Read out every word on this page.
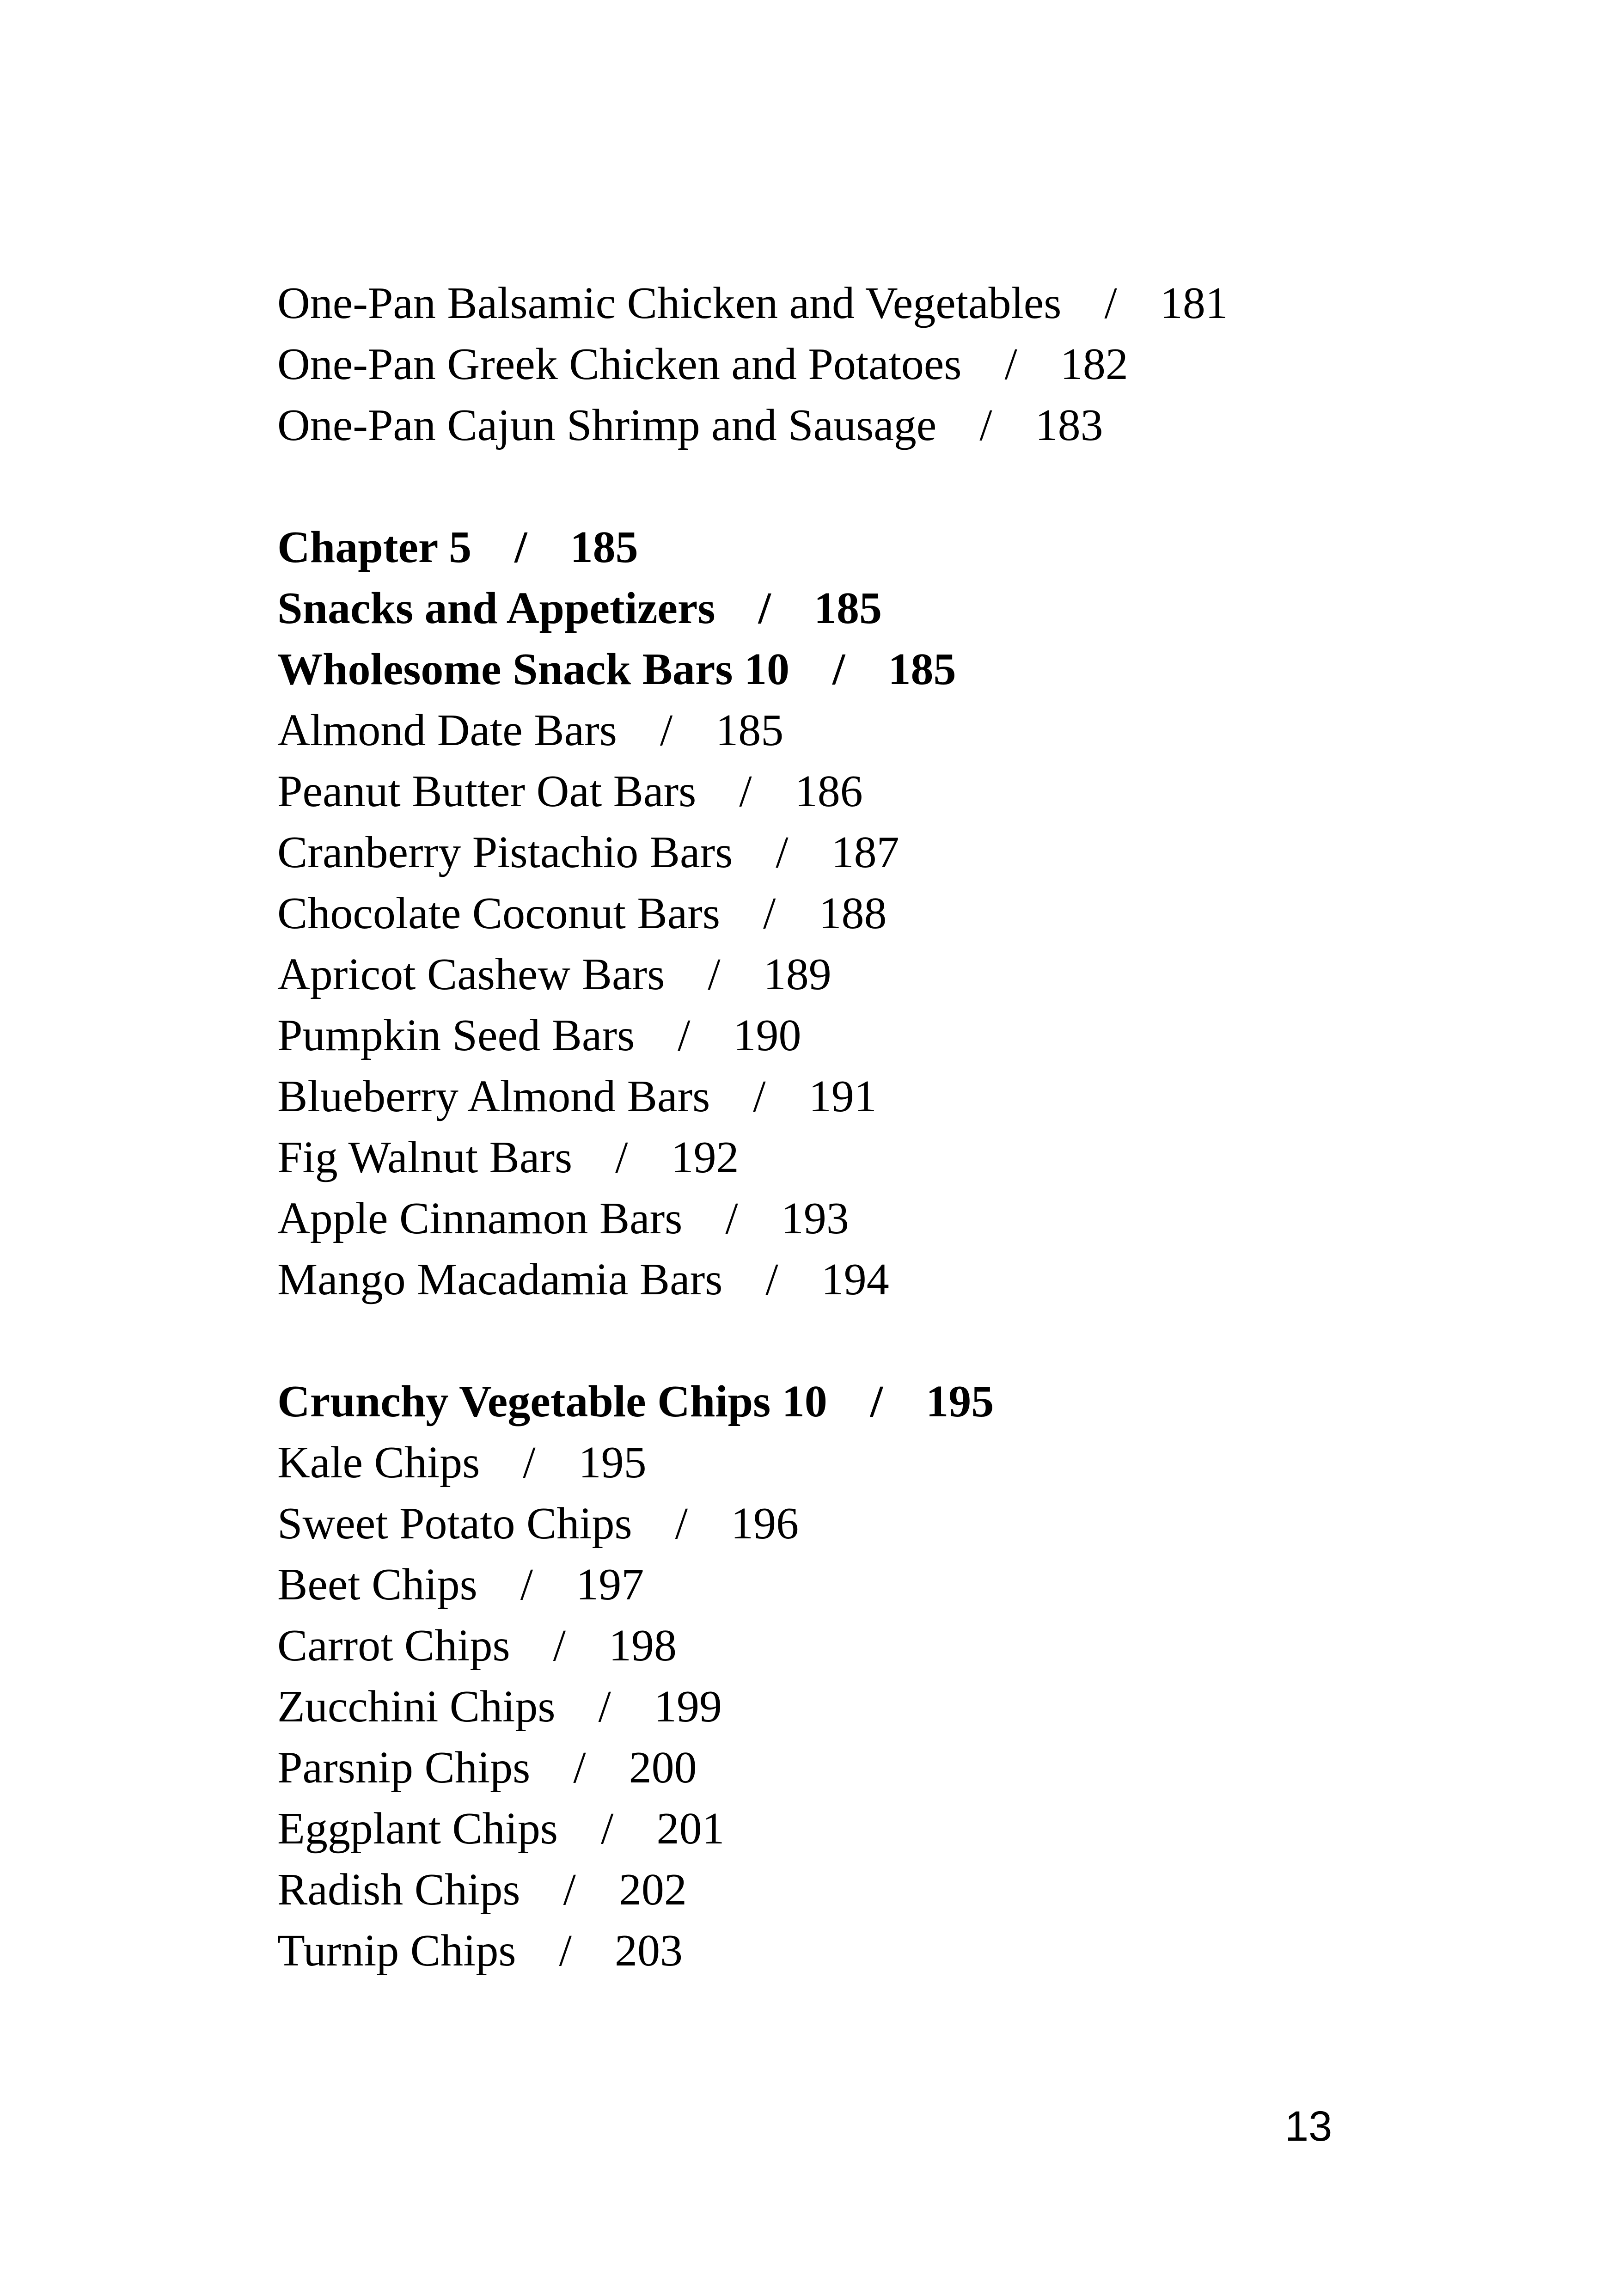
One-Pan Balsamic Chicken and Vegetables / 181
One-Pan Greek Chicken and Potatoes / 182
One-Pan Cajun Shrimp and Sausage / 183
Chapter 5 / 185
Snacks and Appetizers / 185
Wholesome Snack Bars 10 / 185
Almond Date Bars / 185
Peanut Butter Oat Bars / 186
Cranberry Pistachio Bars / 187
Chocolate Coconut Bars / 188
Apricot Cashew Bars / 189
Pumpkin Seed Bars / 190
Blueberry Almond Bars / 191
Fig Walnut Bars / 192
Apple Cinnamon Bars / 193
Mango Macadamia Bars / 194
Crunchy Vegetable Chips 10 / 195
Kale Chips / 195
Sweet Potato Chips / 196
Beet Chips / 197
Carrot Chips / 198
Zucchini Chips / 199
Parsnip Chips / 200
Eggplant Chips / 201
Radish Chips / 202
Turnip Chips / 203
13
